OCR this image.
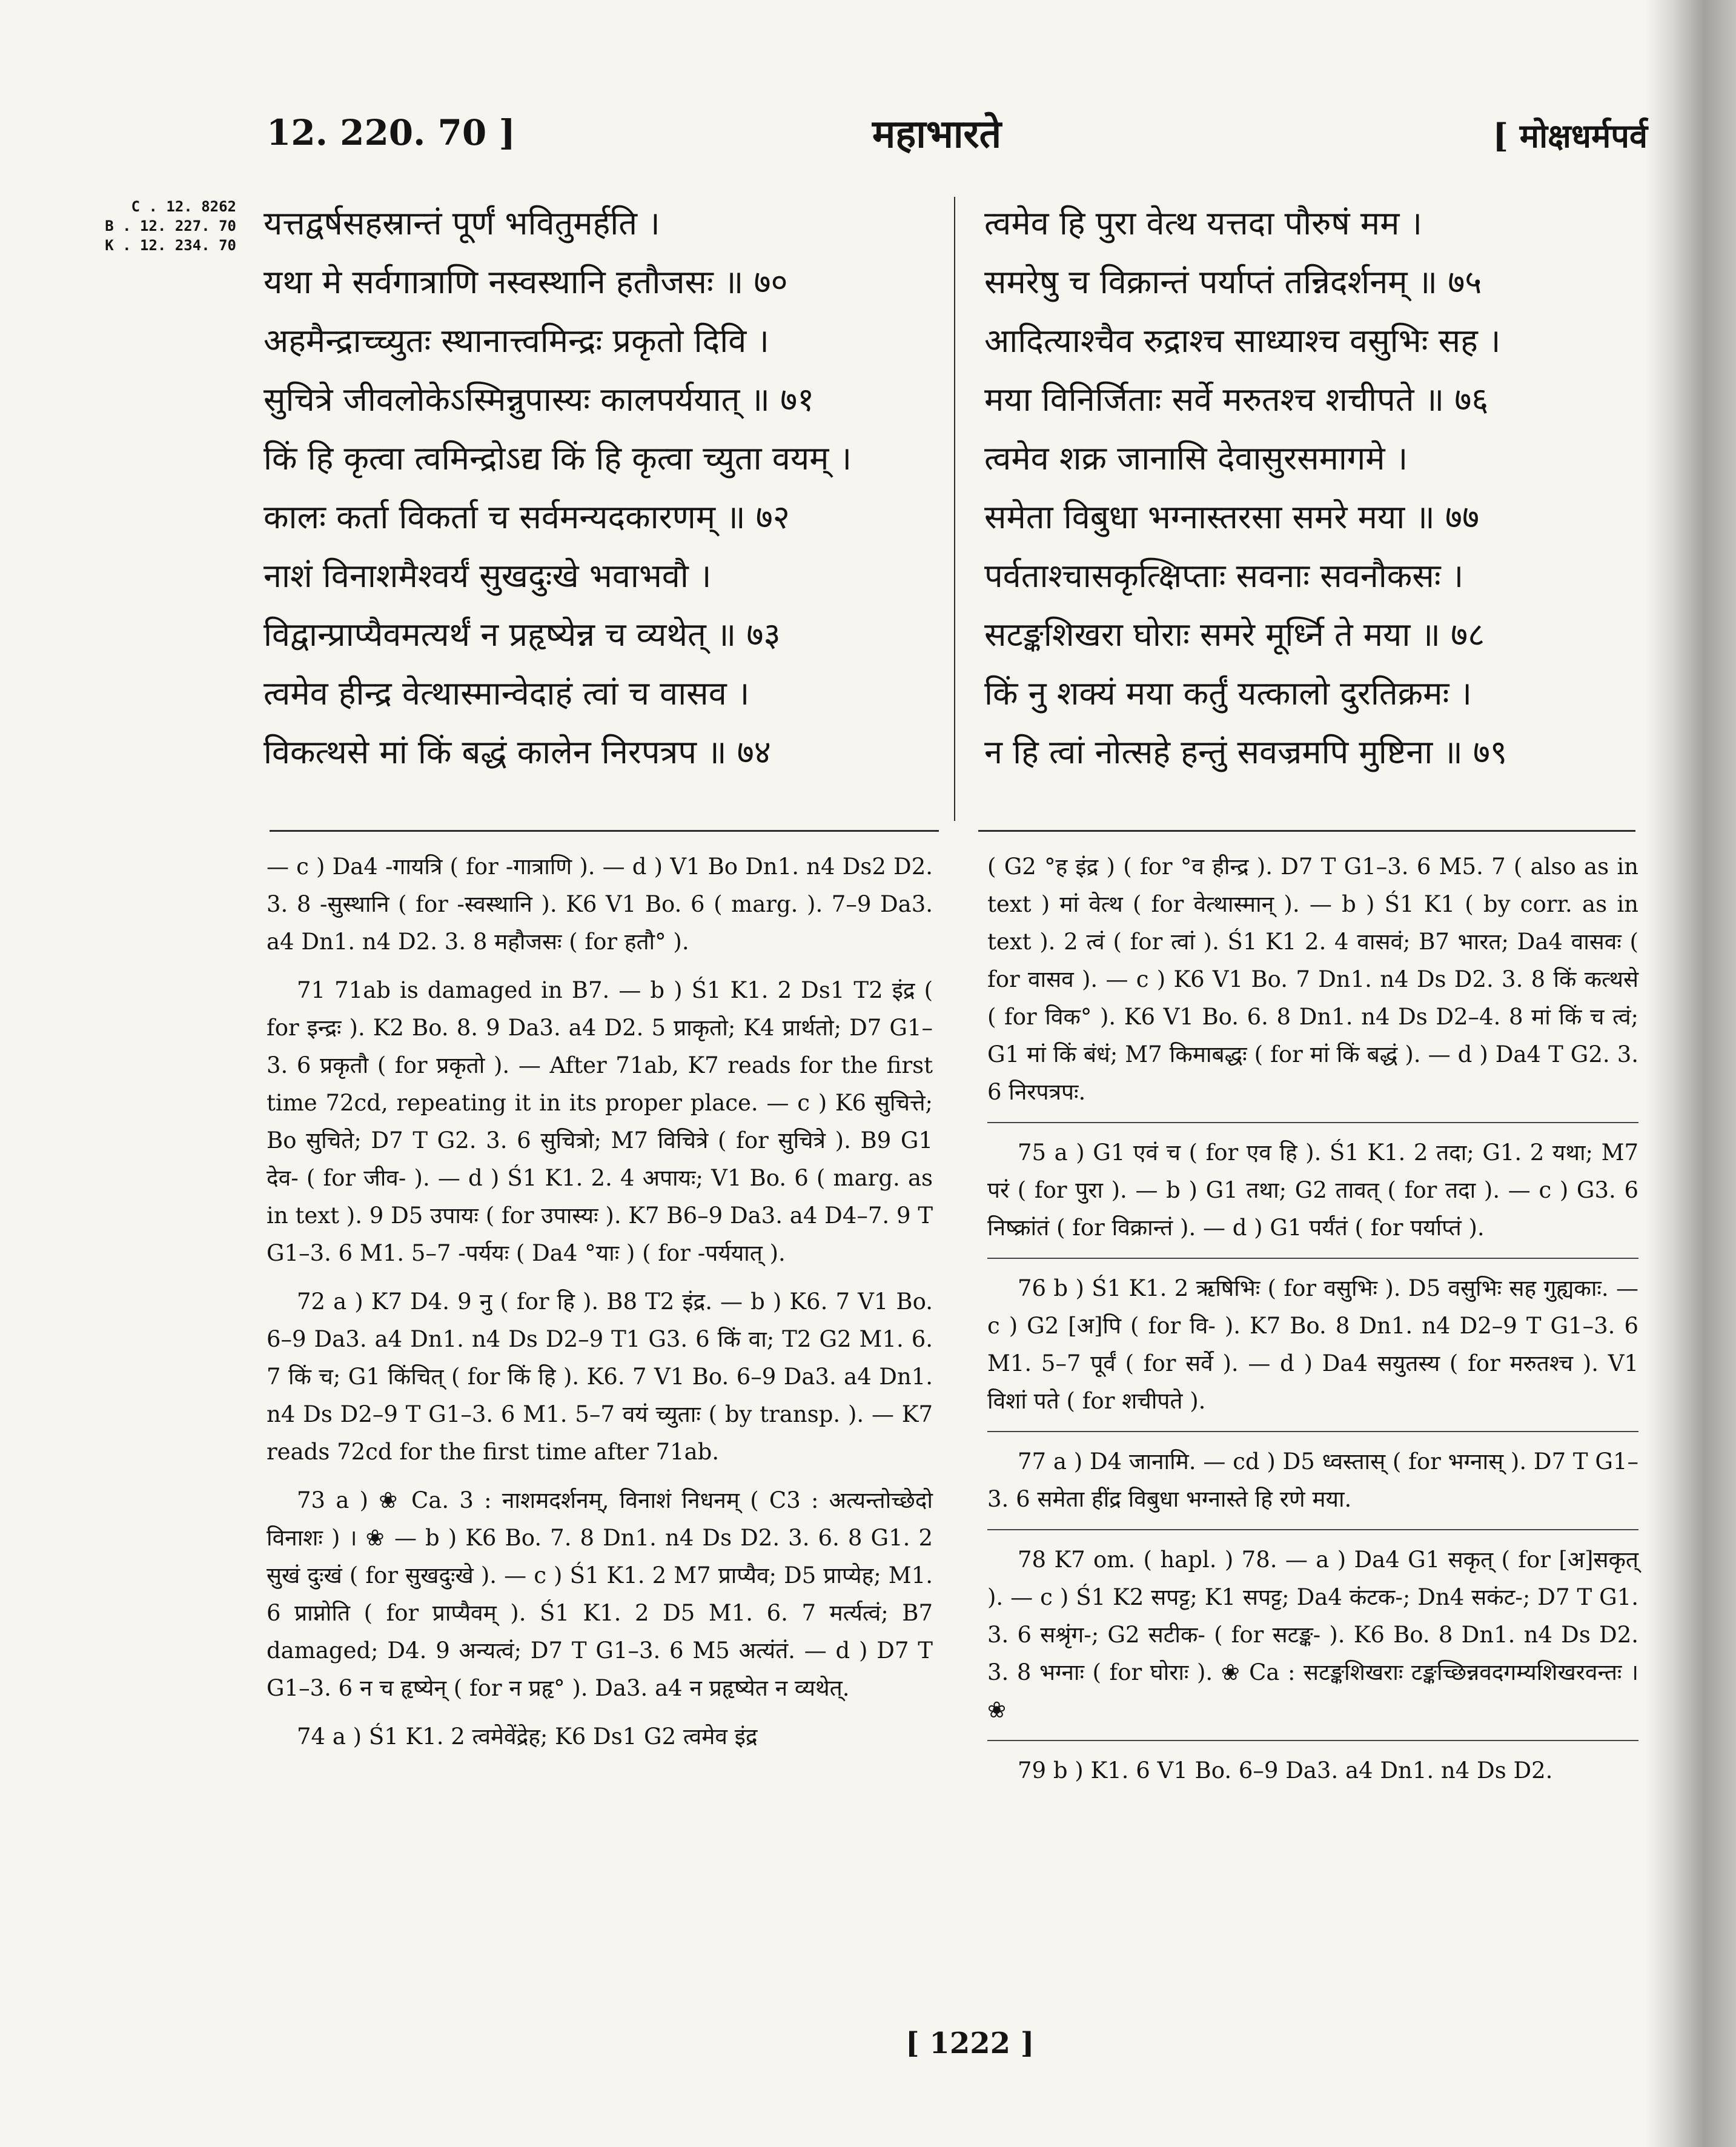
12. 220. 70 ]	महाभारते	[ मोक्षधर्मपर्व
C . 12. 8262
B . 12. 227. 70
K . 12. 234. 70
यत्तद्वर्षसहस्रान्तं पूर्णं भवितुमर्हति ।
यथा मे सर्वगात्राणि नस्वस्थानि हतौजसः ॥ ७०
अहमैन्द्राच्च्युतः स्थानात्त्वमिन्द्रः प्रकृतो दिवि ।
सुचित्रे जीवलोकेऽस्मिन्नुपास्यः कालपर्ययात् ॥ ७१
किं हि कृत्वा त्वमिन्द्रोऽद्य किं हि कृत्वा च्युता वयम् ।
कालः कर्ता विकर्ता च सर्वमन्यदकारणम् ॥ ७२
नाशं विनाशमैश्वर्यं सुखदुःखे भवाभवौ ।
विद्वान्प्राप्यैवमत्यर्थं न प्रहृष्येन्न च व्यथेत् ॥ ७३
त्वमेव हीन्द्र वेत्थास्मान्वेदाहं त्वां च वासव ।
विकत्थसे मां किं बद्धं कालेन निरपत्रप ॥ ७४
त्वमेव हि पुरा वेत्थ यत्तदा पौरुषं मम ।
समरेषु च विक्रान्तं पर्याप्तं तन्निदर्शनम् ॥ ७५
आदित्याश्चैव रुद्राश्च साध्याश्च वसुभिः सह ।
मया विनिर्जिताः सर्वे मरुतश्च शचीपते ॥ ७६
त्वमेव शक्र जानासि देवासुरसमागमे ।
समेता विबुधा भग्नास्तरसा समरे मया ॥ ७७
पर्वताश्चासकृत्क्षिप्ताः सवनाः सवनौकसः ।
सटङ्कशिखरा घोराः समरे मूर्ध्नि ते मया ॥ ७८
किं नु शक्यं मया कर्तुं यत्कालो दुरतिक्रमः ।
न हि त्वां नोत्सहे हन्तुं सवज्रमपि मुष्टिना ॥ ७९

— c ) Da4 -गायत्रि ( for -गात्राणि ). — d ) V1 Bo Dn1. n4 Ds2 D2. 3. 8 -सुस्थानि ( for -स्वस्थानि ). K6 V1 Bo. 6 ( marg. ). 7–9 Da3. a4 Dn1. n4 D2. 3. 8 महौजसः ( for हतौ° ).

71 71ab is damaged in B7. — b ) Ś1 K1. 2 Ds1 T2 इंद्र ( for इन्द्रः ). K2 Bo. 8. 9 Da3. a4 D2. 5 प्राकृतो; K4 प्रार्थतो; D7 G1–3. 6 प्रकृतौ ( for प्रकृतो ). — After 71ab, K7 reads for the first time 72cd, repeating it in its proper place. — c ) K6 सुचित्ते; Bo सुचिते; D7 T G2. 3. 6 सुचित्रो; M7 विचित्रे ( for सुचित्रे ). B9 G1 देव- ( for जीव- ). — d ) Ś1 K1. 2. 4 अपायः; V1 Bo. 6 ( marg. as in text ). 9 D5 उपायः ( for उपास्यः ). K7 B6–9 Da3. a4 D4–7. 9 T G1–3. 6 M1. 5–7 -पर्ययः ( Da4 °याः ) ( for -पर्ययात् ).

72 a ) K7 D4. 9 नु ( for हि ). B8 T2 इंद्र. — b ) K6. 7 V1 Bo. 6–9 Da3. a4 Dn1. n4 Ds D2–9 T1 G3. 6 किं वा; T2 G2 M1. 6. 7 किं च; G1 किंचित् ( for किं हि ). K6. 7 V1 Bo. 6–9 Da3. a4 Dn1. n4 Ds D2–9 T G1–3. 6 M1. 5–7 वयं च्युताः ( by transp. ). — K7 reads 72cd for the first time after 71ab.

73 a ) ❀ Ca. 3 : नाशमदर्शनम्, विनाशं निधनम् ( C3 : अत्यन्तोच्छेदो विनाशः ) । ❀ — b ) K6 Bo. 7. 8 Dn1. n4 Ds D2. 3. 6. 8 G1. 2 सुखं दुःखं ( for सुखदुःखे ). — c ) Ś1 K1. 2 M7 प्राप्यैव; D5 प्राप्येह; M1. 6 प्राप्नोति ( for प्राप्यैवम् ). Ś1 K1. 2 D5 M1. 6. 7 मर्त्यत्वं; B7 damaged; D4. 9 अन्यत्वं; D7 T G1–3. 6 M5 अत्यंतं. — d ) D7 T G1–3. 6 न च हृष्येन् ( for न प्रहृ° ). Da3. a4 न प्रहृष्येत न व्यथेत्.

74 a ) Ś1 K1. 2 त्वमेवेंद्रेह; K6 Ds1 G2 त्वमेव इंद्र

( G2 °ह इंद्र ) ( for °व हीन्द्र ). D7 T G1–3. 6 M5. 7 ( also as in text ) मां वेत्थ ( for वेत्थास्मान् ). — b ) Ś1 K1 ( by corr. as in text ). 2 त्वं ( for त्वां ). Ś1 K1 2. 4 वासवं; B7 भारत; Da4 वासवः ( for वासव ). — c ) K6 V1 Bo. 7 Dn1. n4 Ds D2. 3. 8 किं कत्थसे ( for विक° ). K6 V1 Bo. 6. 8 Dn1. n4 Ds D2–4. 8 मां किं च त्वं; G1 मां किं बंधं; M7 किमाबद्धः ( for मां किं बद्धं ). — d ) Da4 T G2. 3. 6 निरपत्रपः.

75 a ) G1 एवं च ( for एव हि ). Ś1 K1. 2 तदा; G1. 2 यथा; M7 परं ( for पुरा ). — b ) G1 तथा; G2 तावत् ( for तदा ). — c ) G3. 6 निष्क्रांतं ( for विक्रान्तं ). — d ) G1 पर्यंतं ( for पर्याप्तं ).

76 b ) Ś1 K1. 2 ऋषिभिः ( for वसुभिः ). D5 वसुभिः सह गुह्यकाः. — c ) G2 [अ]पि ( for वि- ). K7 Bo. 8 Dn1. n4 D2–9 T G1–3. 6 M1. 5–7 पूर्वं ( for सर्वे ). — d ) Da4 सयुतस्य ( for मरुतश्च ). V1 विशां पते ( for शचीपते ).

77 a ) D4 जानामि. — cd ) D5 ध्वस्तास् ( for भग्नास् ). D7 T G1–3. 6 समेता हींद्र विबुधा भग्नास्ते हि रणे मया.

78 K7 om. ( hapl. ) 78. — a ) Da4 G1 सकृत् ( for [अ]सकृत् ). — c ) Ś1 K2 सपट्ट; K1 सपट्ट; Da4 कंटक-; Dn4 सकंट-; D7 T G1. 3. 6 सश्रृंग-; G2 सटीक- ( for सटङ्क- ). K6 Bo. 8 Dn1. n4 Ds D2. 3. 8 भग्नाः ( for घोराः ). ❀ Ca : सटङ्कशिखराः टङ्कच्छिन्नवदगम्यशिखरवन्तः । ❀

79 b ) K1. 6 V1 Bo. 6–9 Da3. a4 Dn1. n4 Ds D2.

[ 1222 ]
